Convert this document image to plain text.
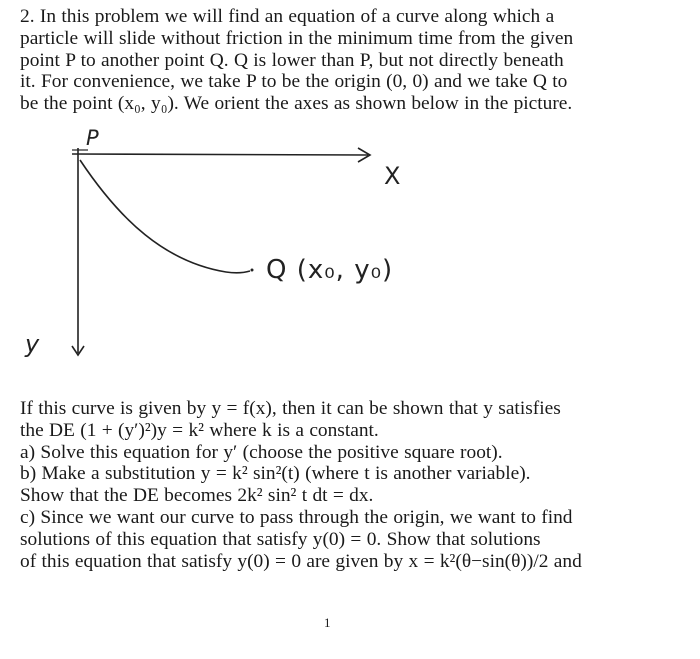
2. In this problem we will find an equation of a curve along which a
particle will slide without friction in the minimum time from the given
point P to another point Q. Q is lower than P, but not directly beneath
it. For convenience, we take P to be the origin (0, 0) and we take Q to
be the point (x₀, y₀). We orient the axes as shown below in the picture.
P
X
Q (x₀, y₀)
y
If this curve is given by y = f(x), then it can be shown that y satisfies
the DE (1 + (y′)²)y = k² where k is a constant.
a) Solve this equation for y′ (choose the positive square root).
b) Make a substitution y = k² sin²(t) (where t is another variable).
Show that the DE becomes 2k² sin² t dt = dx.
c) Since we want our curve to pass through the origin, we want to find
solutions of this equation that satisfy y(0) = 0. Show that solutions
of this equation that satisfy y(0) = 0 are given by x = k²(θ−sin(θ))/2 and
1
